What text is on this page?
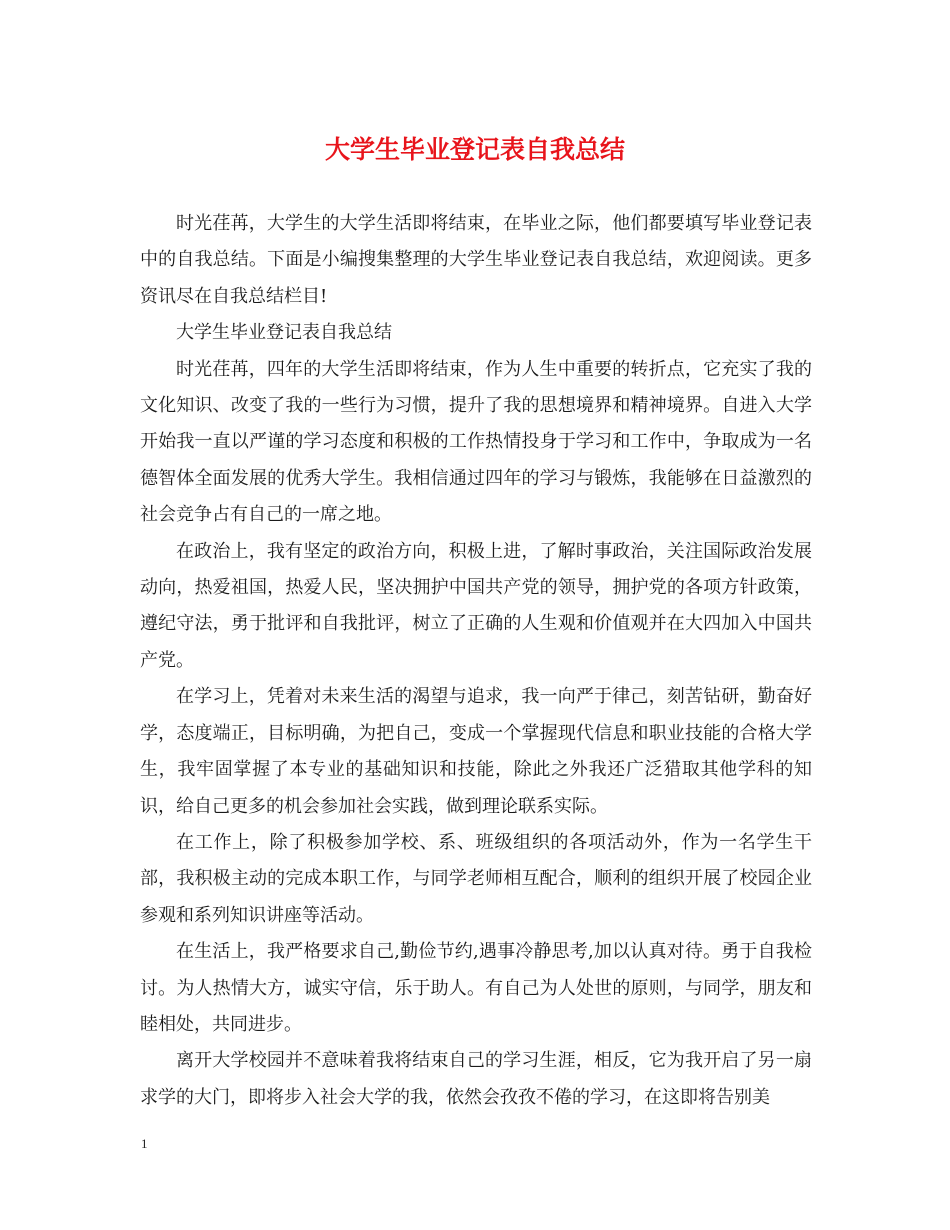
大学生毕业登记表自我总结

时光荏苒，大学生的大学生活即将结束，在毕业之际，他们都要填写毕业登记表中的自我总结。下面是小编搜集整理的大学生毕业登记表自我总结，欢迎阅读。更多资讯尽在自我总结栏目!

大学生毕业登记表自我总结

时光荏苒，四年的大学生活即将结束，作为人生中重要的转折点，它充实了我的文化知识、改变了我的一些行为习惯，提升了我的思想境界和精神境界。自进入大学开始我一直以严谨的学习态度和积极的工作热情投身于学习和工作中，争取成为一名德智体全面发展的优秀大学生。我相信通过四年的学习与锻炼，我能够在日益激烈的社会竞争占有自己的一席之地。

在政治上，我有坚定的政治方向，积极上进，了解时事政治，关注国际政治发展动向，热爱祖国，热爱人民，坚决拥护中国共产党的领导，拥护党的各项方针政策，遵纪守法，勇于批评和自我批评，树立了正确的人生观和价值观并在大四加入中国共产党。

在学习上，凭着对未来生活的渴望与追求，我一向严于律己，刻苦钻研，勤奋好学，态度端正，目标明确，为把自己，变成一个掌握现代信息和职业技能的合格大学生，我牢固掌握了本专业的基础知识和技能，除此之外我还广泛猎取其他学科的知识，给自己更多的机会参加社会实践，做到理论联系实际。

在工作上，除了积极参加学校、系、班级组织的各项活动外，作为一名学生干部，我积极主动的完成本职工作，与同学老师相互配合，顺利的组织开展了校园企业参观和系列知识讲座等活动。

在生活上，我严格要求自己,勤俭节约,遇事冷静思考,加以认真对待。勇于自我检讨。为人热情大方，诚实守信，乐于助人。有自己为人处世的原则，与同学，朋友和睦相处，共同进步。

离开大学校园并不意味着我将结束自己的学习生涯，相反，它为我开启了另一扇求学的大门，即将步入社会大学的我，依然会孜孜不倦的学习，在这即将告别美

1
